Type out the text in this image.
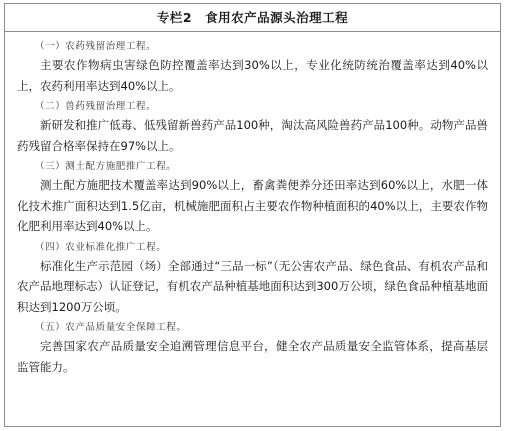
专栏2　食用农产品源头治理工程
（一）农药残留治理工程。

主要农作物病虫害绿色防控覆盖率达到30%以上，专业化统防统治覆盖率达到40%以上，农药利用率达到40%以上。

（二）兽药残留治理工程。

新研发和推广低毒、低残留新兽药产品100种，淘汰高风险兽药产品100种。动物产品兽药残留合格率保持在97%以上。

（三）测土配方施肥推广工程。

测土配方施肥技术覆盖率达到90%以上，畜禽粪便养分还田率达到60%以上，水肥一体化技术推广面积达到1.5亿亩，机械施肥面积占主要农作物种植面积的40%以上，主要农作物化肥利用率达到40%以上。

（四）农业标准化推广工程。

标准化生产示范园（场）全部通过“三品一标”（无公害农产品、绿色食品、有机农产品和农产品地理标志）认证登记，有机农产品种植基地面积达到300万公顷，绿色食品种植基地面积达到1200万公顷。

（五）农产品质量安全保障工程。

完善国家农产品质量安全追溯管理信息平台，健全农产品质量安全监管体系，提高基层监管能力。
